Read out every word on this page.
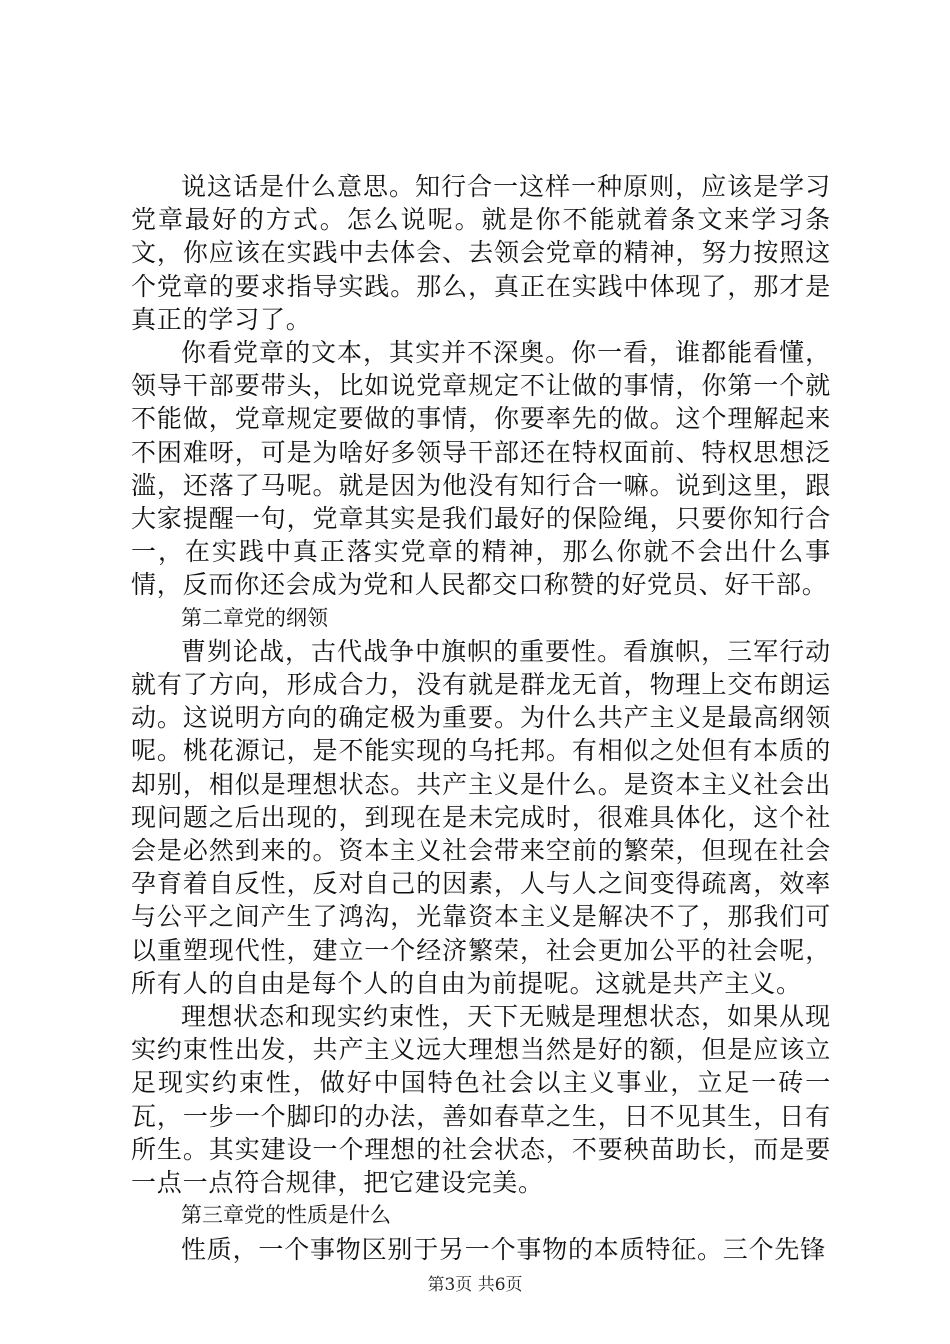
说这话是什么意思。知行合一这样一种原则，应该是学习党章最好的方式。怎么说呢。就是你不能就着条文来学习条文，你应该在实践中去体会、去领会党章的精神，努力按照这个党章的要求指导实践。那么，真正在实践中体现了，那才是真正的学习了。

你看党章的文本，其实并不深奥。你一看，谁都能看懂，领导干部要带头，比如说党章规定不让做的事情，你第一个就不能做，党章规定要做的事情，你要率先的做。这个理解起来不困难呀，可是为啥好多领导干部还在特权面前、特权思想泛滥，还落了马呢。就是因为他没有知行合一嘛。说到这里，跟大家提醒一句，党章其实是我们最好的保险绳，只要你知行合一，在实践中真正落实党章的精神，那么你就不会出什么事情，反而你还会成为党和人民都交口称赞的好党员、好干部。

第二章党的纲领

曹刿论战，古代战争中旗帜的重要性。看旗帜，三军行动就有了方向，形成合力，没有就是群龙无首，物理上交布朗运动。这说明方向的确定极为重要。为什么共产主义是最高纲领呢。桃花源记，是不能实现的乌托邦。有相似之处但有本质的却别，相似是理想状态。共产主义是什么。是资本主义社会出现问题之后出现的，到现在是未完成时，很难具体化，这个社会是必然到来的。资本主义社会带来空前的繁荣，但现在社会孕育着自反性，反对自己的因素，人与人之间变得疏离，效率与公平之间产生了鸿沟，光靠资本主义是解决不了，那我们可以重塑现代性，建立一个经济繁荣，社会更加公平的社会呢，所有人的自由是每个人的自由为前提呢。这就是共产主义。

理想状态和现实约束性，天下无贼是理想状态，如果从现实约束性出发，共产主义远大理想当然是好的额，但是应该立足现实约束性，做好中国特色社会以主义事业，立足一砖一瓦，一步一个脚印的办法，善如春草之生，日不见其生，日有所生。其实建设一个理想的社会状态，不要秧苗助长，而是要一点一点符合规律，把它建设完美。

第三章党的性质是什么

性质，一个事物区别于另一个事物的本质特征。三个先锋

第3页 共6页
